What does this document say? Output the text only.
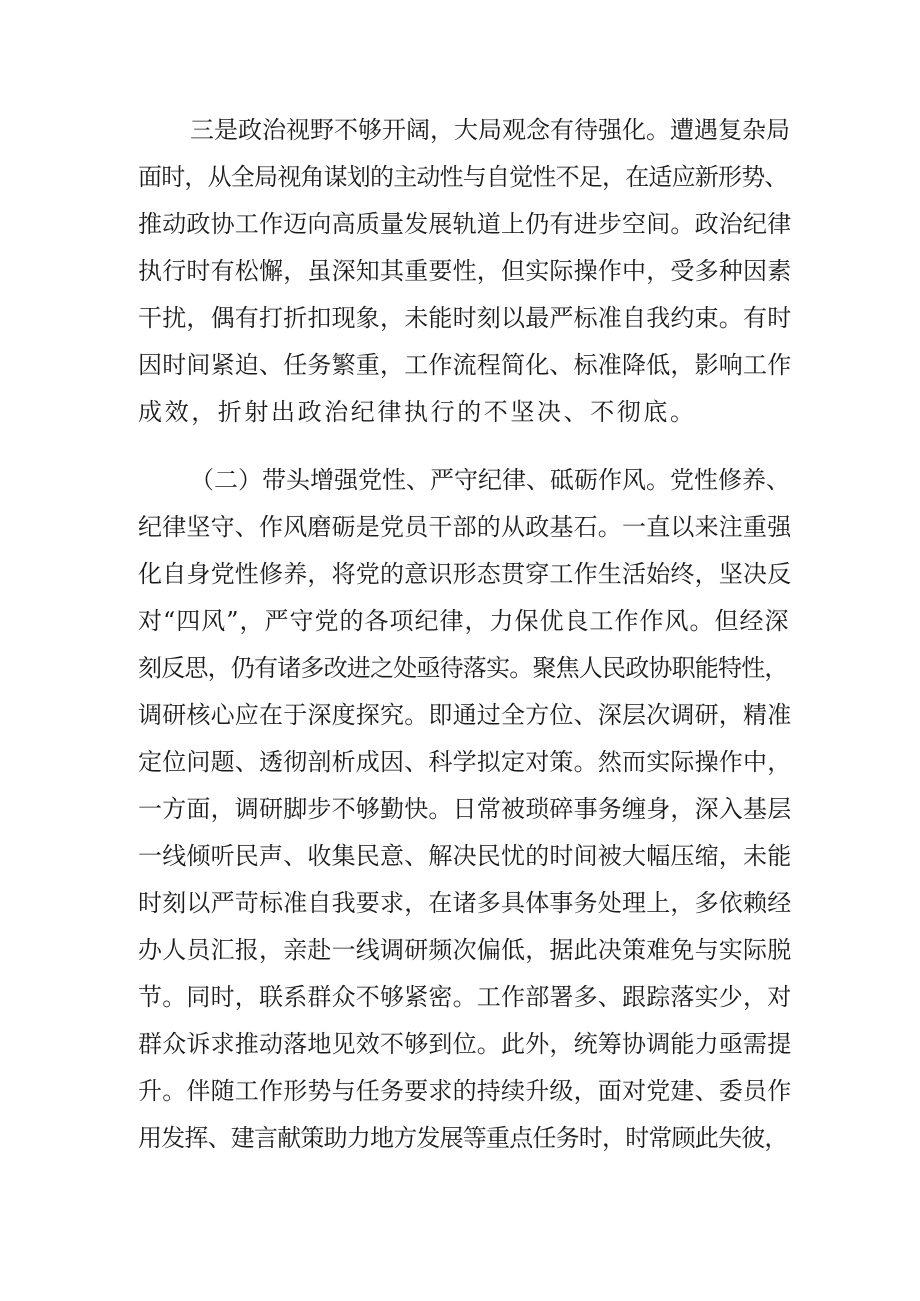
三是政治视野不够开阔，大局观念有待强化。遭遇复杂局

面时，从全局视角谋划的主动性与自觉性不足，在适应新形势、

推动政协工作迈向高质量发展轨道上仍有进步空间。政治纪律

执行时有松懈，虽深知其重要性，但实际操作中，受多种因素

干扰，偶有打折扣现象，未能时刻以最严标准自我约束。有时

因时间紧迫、任务繁重，工作流程简化、标准降低，影响工作

成效，折射出政治纪律执行的不坚决、不彻底。

（二）带头增强党性、严守纪律、砥砺作风。党性修养、

纪律坚守、作风磨砺是党员干部的从政基石。一直以来注重强

化自身党性修养，将党的意识形态贯穿工作生活始终，坚决反

对“四风”，严守党的各项纪律，力保优良工作作风。但经深

刻反思，仍有诸多改进之处亟待落实。聚焦人民政协职能特性，

调研核心应在于深度探究。即通过全方位、深层次调研，精准

定位问题、透彻剖析成因、科学拟定对策。然而实际操作中，

一方面，调研脚步不够勤快。日常被琐碎事务缠身，深入基层

一线倾听民声、收集民意、解决民忧的时间被大幅压缩，未能

时刻以严苛标准自我要求，在诸多具体事务处理上，多依赖经

办人员汇报，亲赴一线调研频次偏低，据此决策难免与实际脱

节。同时，联系群众不够紧密。工作部署多、跟踪落实少，对

群众诉求推动落地见效不够到位。此外，统筹协调能力亟需提

升。伴随工作形势与任务要求的持续升级，面对党建、委员作

用发挥、建言献策助力地方发展等重点任务时，时常顾此失彼，
